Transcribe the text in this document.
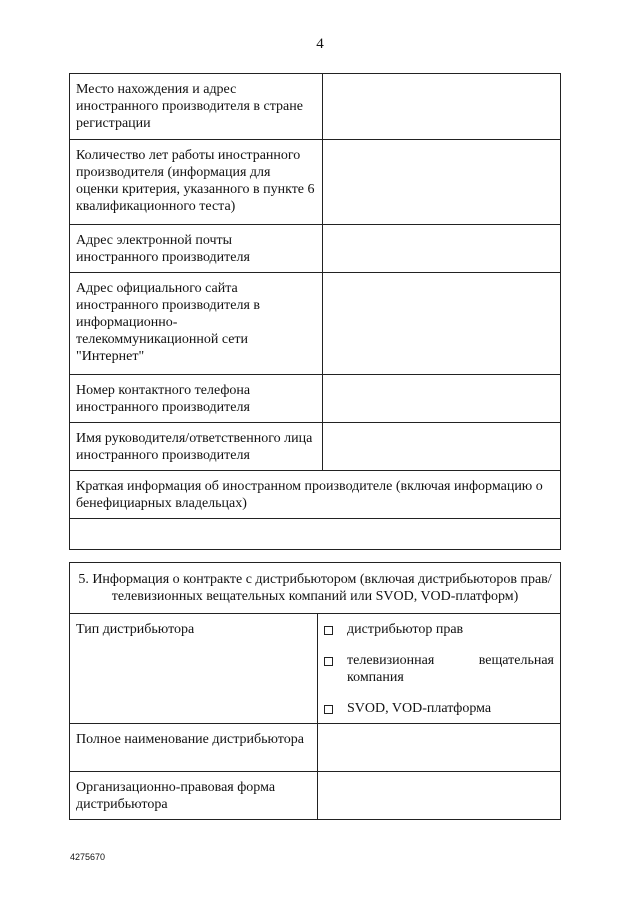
4
Место нахождения и адрес иностранного производителя в стране регистрации	
Количество лет работы иностранного производителя (информация для оценки критерия, указанного в пункте 6 квалификационного теста)	
Адрес электронной почты иностранного производителя	
Адрес официального сайта иностранного производителя в информационно-телекоммуникационной сети "Интернет"	
Номер контактного телефона иностранного производителя	
Имя руководителя/ответственного лица иностранного производителя	
Краткая информация об иностранном производителе (включая информацию о бенефициарных владельцах)	

5. Информация о контракте с дистрибьютором (включая дистрибьюторов прав/телевизионных вещательных компаний или SVOD, VOD-платформ)	
Тип дистрибьютора	дистрибьютор прав
телевизионная вещательная компания
SVOD, VOD-платформа

Полное наименование дистрибьютора	
Организационно-правовая форма дистрибьютора	
4275670
